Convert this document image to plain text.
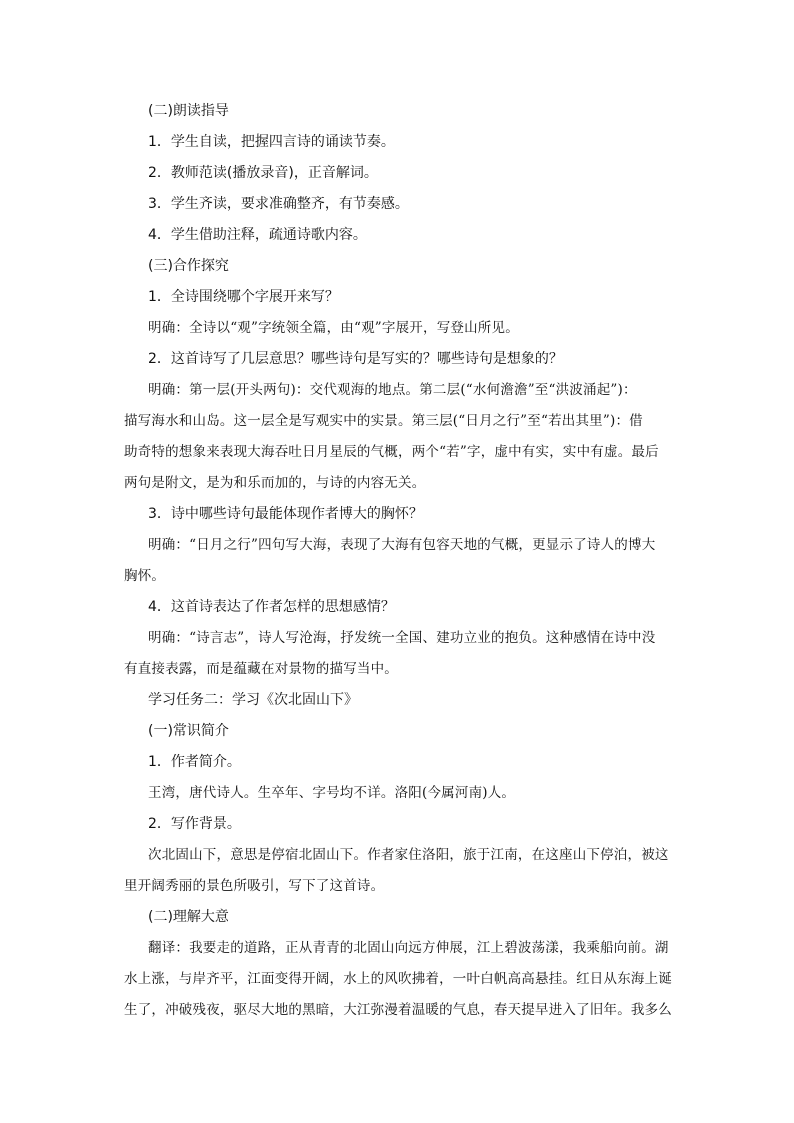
(二)朗读指导
1．学生自读，把握四言诗的诵读节奏。
2．教师范读(播放录音)，正音解词。
3．学生齐读，要求准确整齐，有节奏感。
4．学生借助注释，疏通诗歌内容。
(三)合作探究
1．全诗围绕哪个字展开来写？
明确：全诗以“观”字统领全篇，由“观”字展开，写登山所见。
2．这首诗写了几层意思？哪些诗句是写实的？哪些诗句是想象的？
明确：第一层(开头两句)：交代观海的地点。第二层(“水何澹澹”至“洪波涌起”)：
描写海水和山岛。这一层全是写观实中的实景。第三层(“日月之行”至“若出其里”)：借
助奇特的想象来表现大海吞吐日月星辰的气概，两个“若”字，虚中有实，实中有虚。最后
两句是附文，是为和乐而加的，与诗的内容无关。
3．诗中哪些诗句最能体现作者博大的胸怀？
明确：“日月之行”四句写大海，表现了大海有包容天地的气概，更显示了诗人的博大
胸怀。
4．这首诗表达了作者怎样的思想感情？
明确：“诗言志”，诗人写沧海，抒发统一全国、建功立业的抱负。这种感情在诗中没
有直接表露，而是蕴藏在对景物的描写当中。
学习任务二：学习《次北固山下》
(一)常识简介
1．作者简介。
王湾，唐代诗人。生卒年、字号均不详。洛阳(今属河南)人。
2．写作背景。
次北固山下，意思是停宿北固山下。作者家住洛阳，旅于江南，在这座山下停泊，被这
里开阔秀丽的景色所吸引，写下了这首诗。
(二)理解大意
翻译：我要走的道路，正从青青的北固山向远方伸展，江上碧波荡漾，我乘船向前。湖
水上涨，与岸齐平，江面变得开阔，水上的风吹拂着，一叶白帆高高悬挂。红日从东海上诞
生了，冲破残夜，驱尽大地的黑暗，大江弥漫着温暖的气息，春天提早进入了旧年。我多么
